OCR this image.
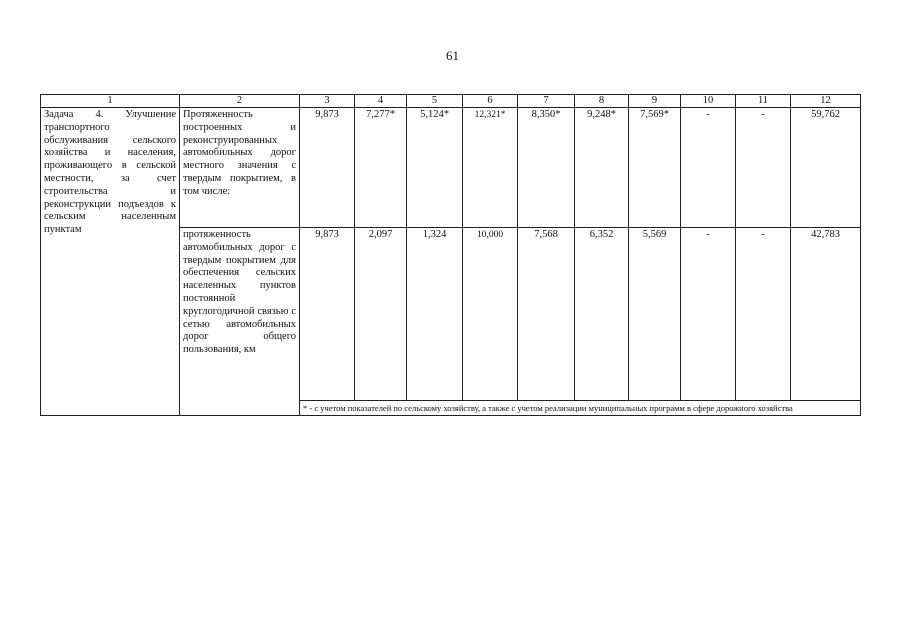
61
1	2	3	4	5	6	7	8	9	10	11	12
Задача 4. Улучшение транспортного обслуживания сельского хозяйства и населения, проживающего в сельской местности, за счет строительства и реконструкции подъездов к сельским населенным пунктам	Протяженность построенных и реконструированных автомобильных дорог местного значения с твердым покрытием, в том числе:	9,873	7,277*	5,124*	12,321*	8,350*	9,248*	7,569*	-	-	59,762
	протяженность автомобильных дорог с твердым покрытием для обеспечения сельских населенных пунктов постоянной круглогодичной связью с сетью автомобильных дорог общего пользования, км	9,873	2,097	1,324	10,000	7,568	6,352	5,569	-	-	42,783
		* - с учетом показателей по сельскому хозяйству, а также с учетом реализации муниципальных программ в сфере дорожного хозяйства									
